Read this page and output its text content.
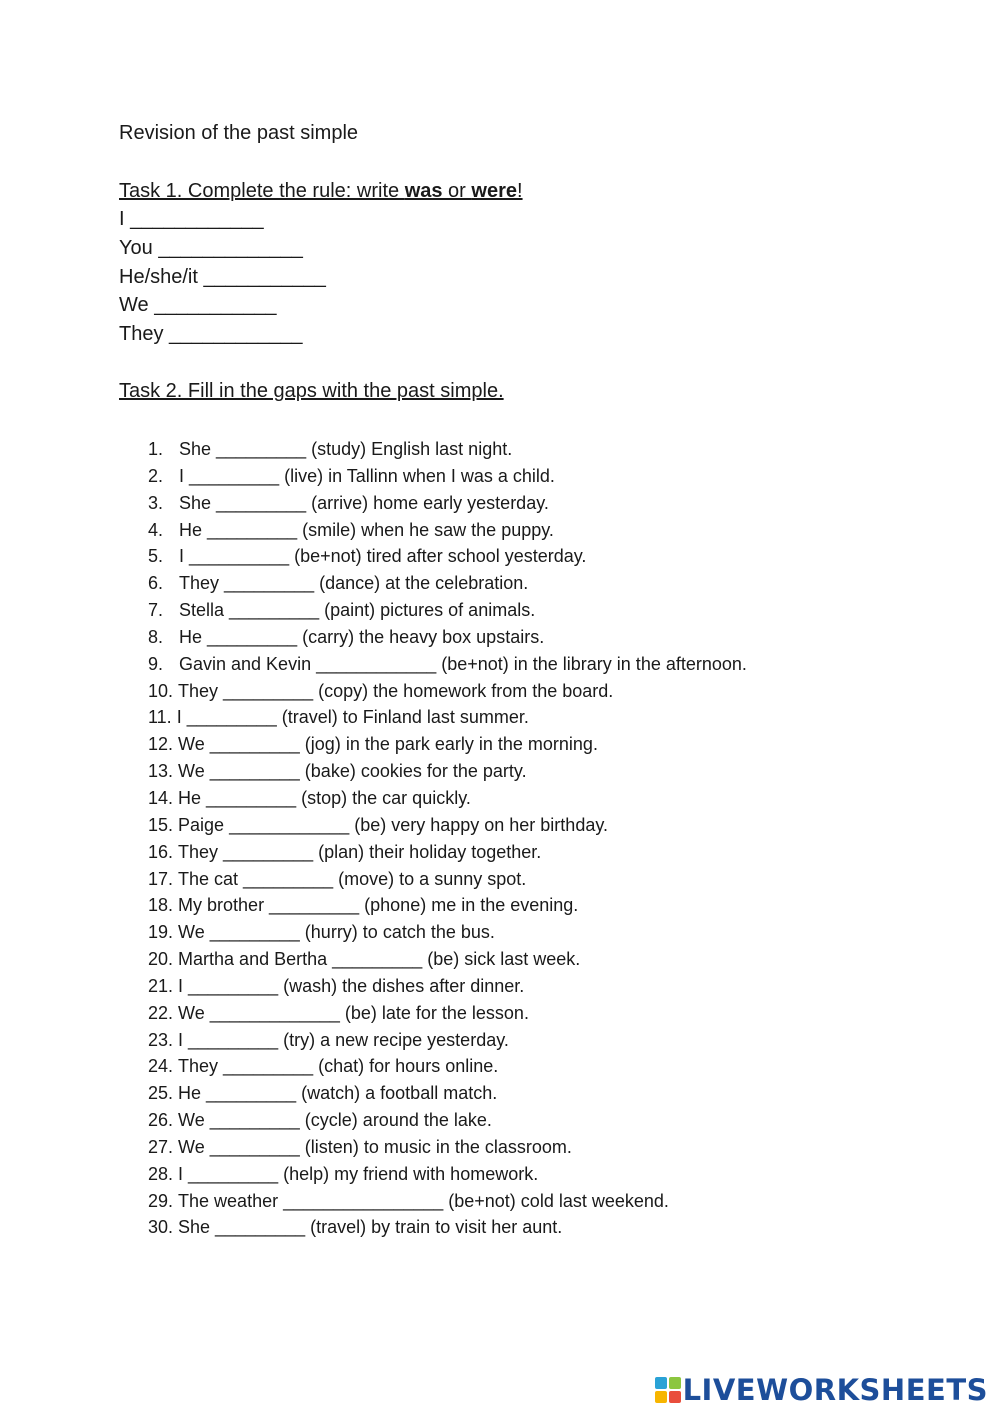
Revision of the past simple
Task 1. Complete the rule: write was or were!
I ____________
You _____________
He/she/it ___________
We ___________
They ____________
Task 2. Fill in the gaps with the past simple.
1. She _________ (study) English last night.
2. I _________ (live) in Tallinn when I was a child.
3. She _________ (arrive) home early yesterday.
4. He _________ (smile) when he saw the puppy.
5. I __________ (be+not) tired after school yesterday.
6. They _________ (dance) at the celebration.
7. Stella _________ (paint) pictures of animals.
8. He _________ (carry) the heavy box upstairs.
9. Gavin and Kevin ____________ (be+not) in the library in the afternoon.
10. They _________ (copy) the homework from the board.
11. I _________ (travel) to Finland last summer.
12. We _________ (jog) in the park early in the morning.
13. We _________ (bake) cookies for the party.
14. He _________ (stop) the car quickly.
15. Paige ____________ (be) very happy on her birthday.
16. They _________ (plan) their holiday together.
17. The cat _________ (move) to a sunny spot.
18. My brother _________ (phone) me in the evening.
19. We _________ (hurry) to catch the bus.
20. Martha and Bertha _________ (be) sick last week.
21. I _________ (wash) the dishes after dinner.
22. We _____________ (be) late for the lesson.
23. I _________ (try) a new recipe yesterday.
24. They _________ (chat) for hours online.
25. He _________ (watch) a football match.
26. We _________ (cycle) around the lake.
27. We _________ (listen) to music in the classroom.
28. I _________ (help) my friend with homework.
29. The weather ________________ (be+not) cold last weekend.
30. She _________ (travel) by train to visit her aunt.
LIVEWORKSHEETS
